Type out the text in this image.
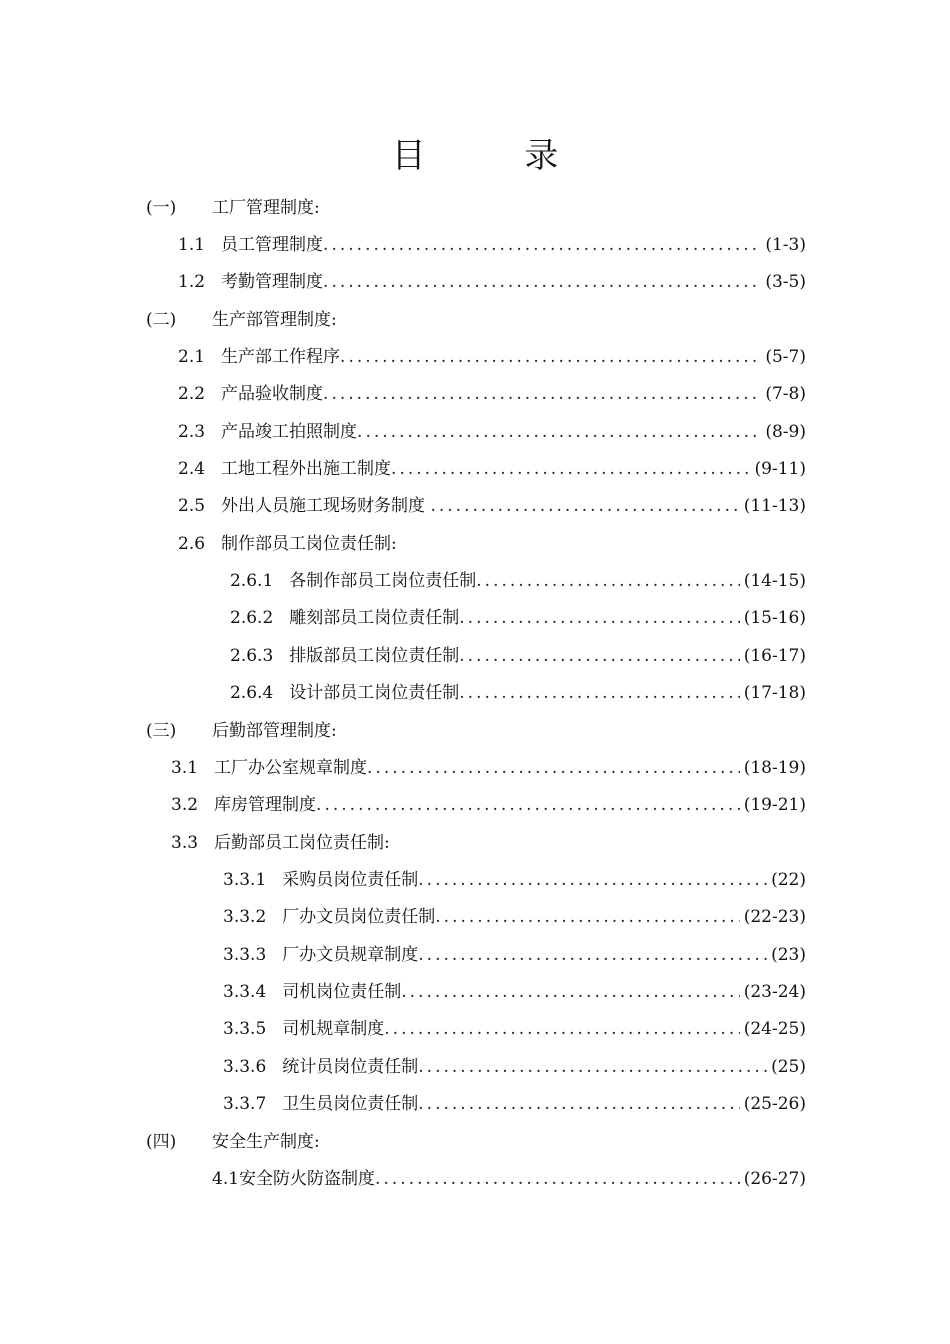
目 录
(一)	工厂管理制度:
1.1 员工管理制度 .....	(1-3)
1.2 考勤管理制度 .....	(3-5)
(二)	生产部管理制度:
2.1 生产部工作程序 .....	(5-7)
2.2 产品验收制度 .....	(7-8)
2.3 产品竣工拍照制度 .....	(8-9)
2.4 工地工程外出施工制度 .....	(9-11)
2.5 外出人员施工现场财务制度 .....	(11-13)
2.6 制作部员工岗位责任制:
2.6.1 各制作部员工岗位责任制 .....	(14-15)
2.6.2 雕刻部员工岗位责任制 .....	(15-16)
2.6.3 排版部员工岗位责任制 .....	(16-17)
2.6.4 设计部员工岗位责任制 .....	(17-18)
(三)	后勤部管理制度:
3.1 工厂办公室规章制度 .....	(18-19)
3.2 库房管理制度 .....	(19-21)
3.3 后勤部员工岗位责任制:
3.3.1 采购员岗位责任制 .....	(22)
3.3.2 厂办文员岗位责任制 .....	(22-23)
3.3.3 厂办文员规章制度 .....	(23)
3.3.4 司机岗位责任制 .....	(23-24)
3.3.5 司机规章制度 .....	(24-25)
3.3.6 统计员岗位责任制 .....	(25)
3.3.7 卫生员岗位责任制 .....	(25-26)
(四)	安全生产制度:
4.1 安全防火防盗制度 .....	(26-27)
